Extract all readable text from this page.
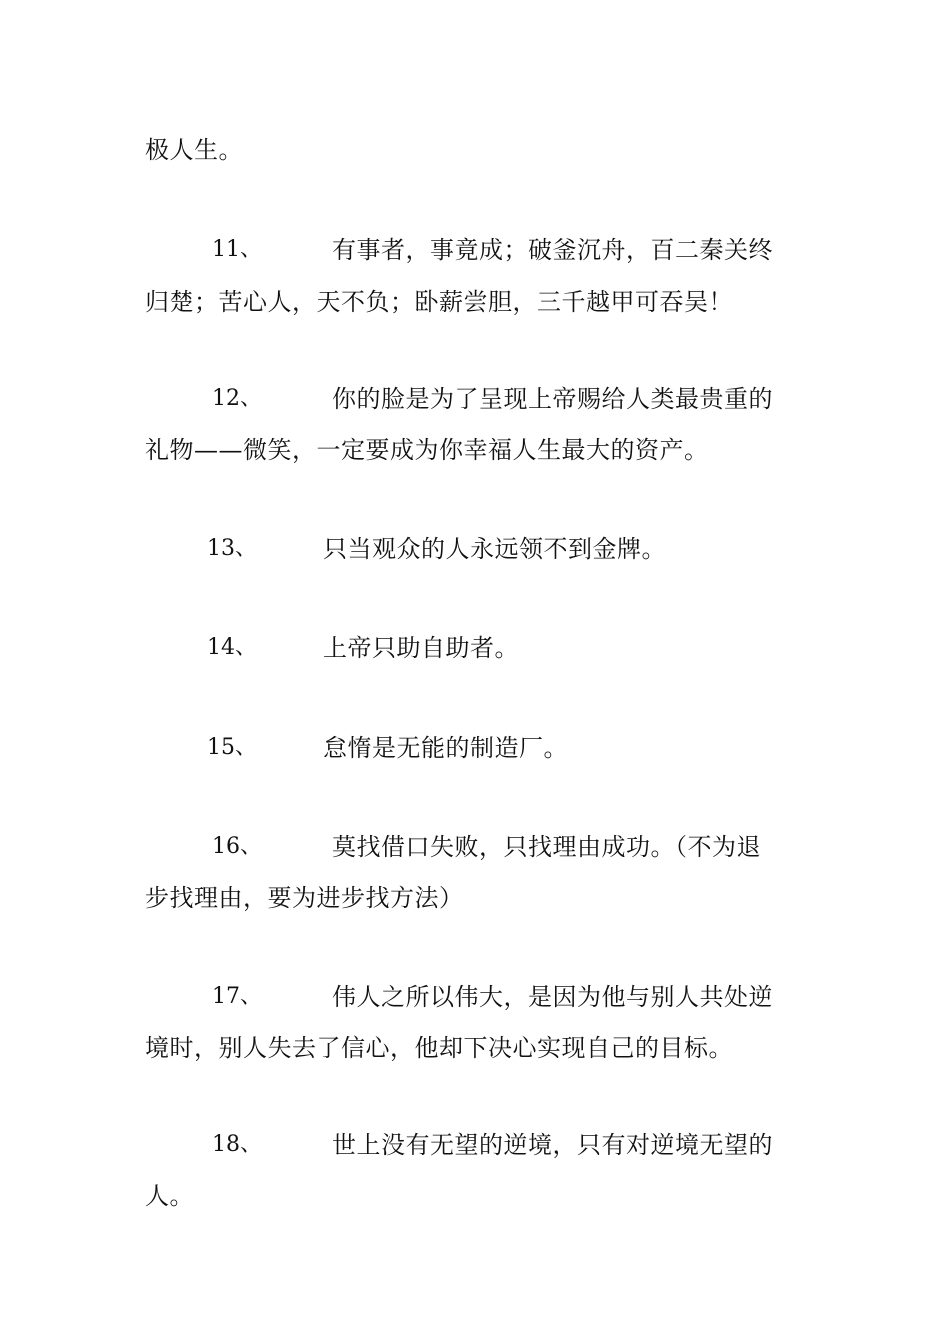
极人生。
11、	有事者，事竟成；破釜沉舟，百二秦关终
归楚；苦心人，天不负；卧薪尝胆，三千越甲可吞吴！
12、	你的脸是为了呈现上帝赐给人类最贵重的
礼物——微笑，一定要成为你幸福人生最大的资产。
13、	只当观众的人永远领不到金牌。
14、	上帝只助自助者。
15、	怠惰是无能的制造厂。
16、	莫找借口失败，只找理由成功。（不为退
步找理由，要为进步找方法）
17、	伟人之所以伟大，是因为他与别人共处逆
境时，别人失去了信心，他却下决心实现自己的目标。
18、	世上没有无望的逆境，只有对逆境无望的
人。
